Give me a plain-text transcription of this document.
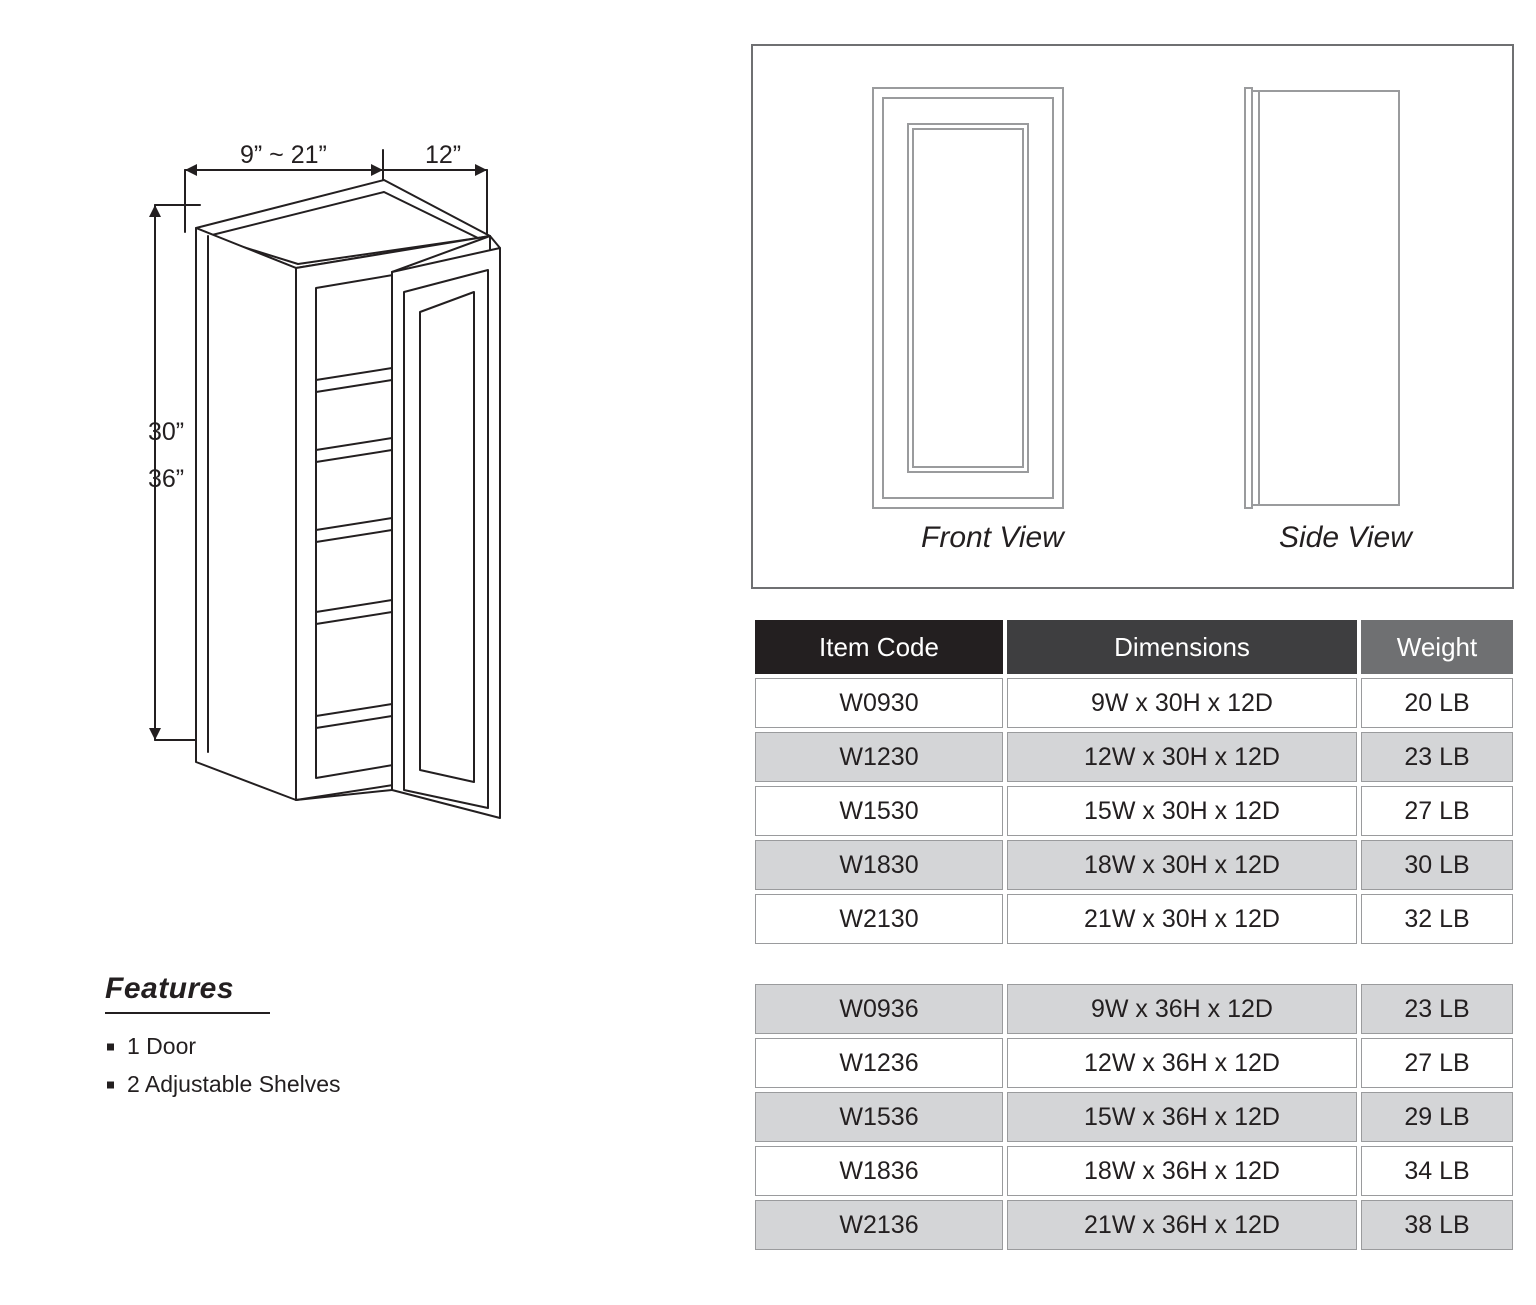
9” ~ 21”	12”
30”
36”
Features
1 Door
2 Adjustable Shelves
Front View	Side View
Item Code	Dimensions	Weight
W0930	9W x 30H x 12D	20 LB
W1230	12W x 30H x 12D	23 LB
W1530	15W x 30H x 12D	27 LB
W1830	18W x 30H x 12D	30 LB
W2130	21W x 30H x 12D	32 LB
W0936	9W x 36H x 12D	23 LB
W1236	12W x 36H x 12D	27 LB
W1536	15W x 36H x 12D	29 LB
W1836	18W x 36H x 12D	34 LB
W2136	21W x 36H x 12D	38 LB
